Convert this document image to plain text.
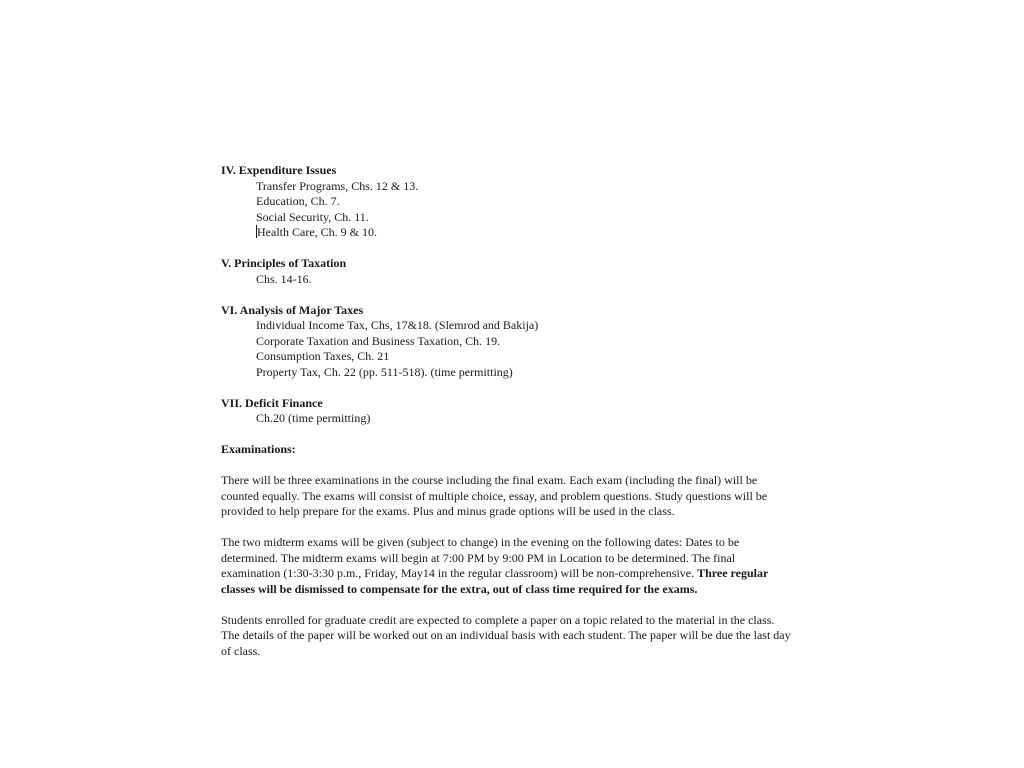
IV. Expenditure Issues
Transfer Programs, Chs. 12 & 13.
Education, Ch. 7.
Social Security, Ch. 11.
Health Care, Ch. 9 & 10.
V. Principles of Taxation
Chs. 14-16.
VI. Analysis of Major Taxes
Individual Income Tax, Chs, 17&18. (Slemrod and Bakija)
Corporate Taxation and Business Taxation, Ch. 19.
Consumption Taxes, Ch. 21
Property Tax, Ch. 22 (pp. 511-518). (time permitting)
VII. Deficit Finance
Ch.20 (time permitting)
Examinations:
There will be three examinations in the course including the final exam. Each exam (including the final) will be counted equally. The exams will consist of multiple choice, essay, and problem questions. Study questions will be provided to help prepare for the exams. Plus and minus grade options will be used in the class.
The two midterm exams will be given (subject to change) in the evening on the following dates: Dates to be determined. The midterm exams will begin at 7:00 PM by 9:00 PM in Location to be determined. The final examination (1:30-3:30 p.m., Friday, May14 in the regular classroom) will be non-comprehensive. Three regular classes will be dismissed to compensate for the extra, out of class time required for the exams.
Students enrolled for graduate credit are expected to complete a paper on a topic related to the material in the class. The details of the paper will be worked out on an individual basis with each student. The paper will be due the last day of class.
